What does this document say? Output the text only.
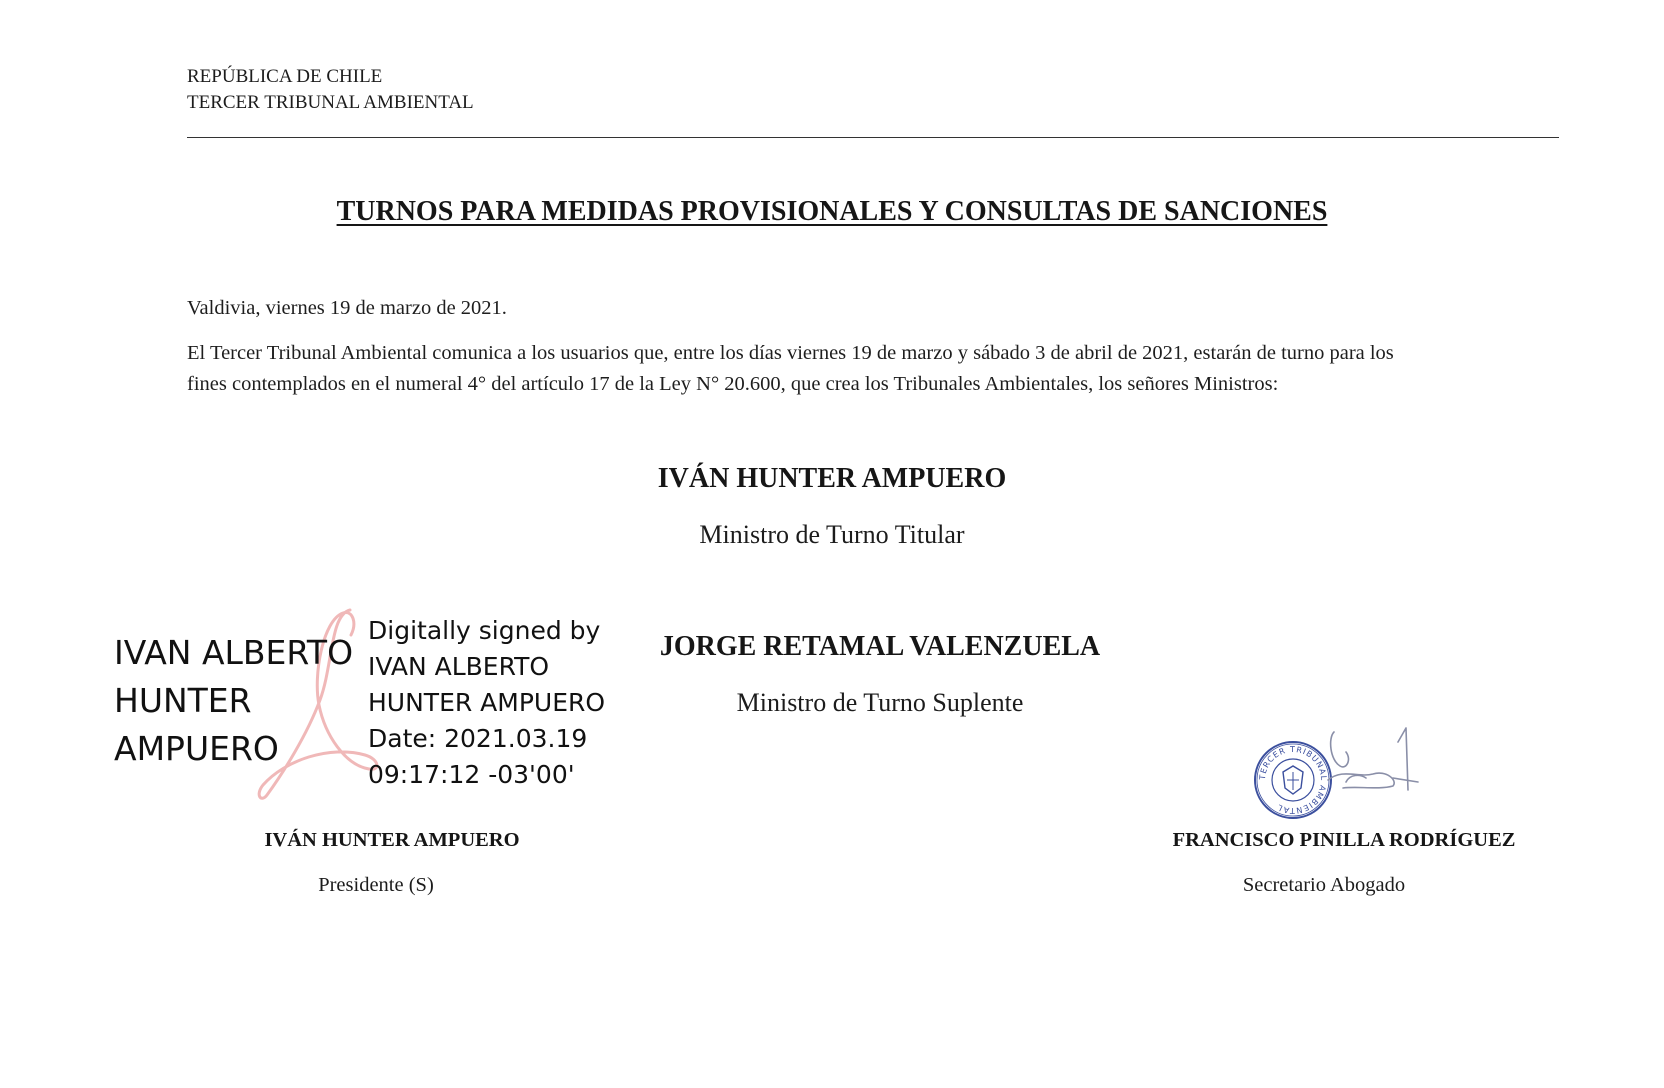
REPÚBLICA DE CHILE
TERCER TRIBUNAL AMBIENTAL
TURNOS PARA MEDIDAS PROVISIONALES Y CONSULTAS DE SANCIONES
Valdivia, viernes 19 de marzo de 2021.
El Tercer Tribunal Ambiental comunica a los usuarios que, entre los días viernes 19 de marzo y sábado 3 de abril de 2021, estarán de turno para los
fines contemplados en el numeral 4° del artículo 17 de la Ley N° 20.600, que crea los Tribunales Ambientales, los señores Ministros:
IVÁN HUNTER AMPUERO
Ministro de Turno Titular
JORGE RETAMAL VALENZUELA
Ministro de Turno Suplente
IVAN ALBERTO
HUNTER
AMPUERO
Digitally signed by
IVAN ALBERTO
HUNTER AMPUERO
Date: 2021.03.19
09:17:12 -03'00'
IVÁN HUNTER AMPUERO
Presidente (S)
TERCER TRIBUNAL AMBIENTAL
FRANCISCO PINILLA RODRÍGUEZ
Secretario Abogado
